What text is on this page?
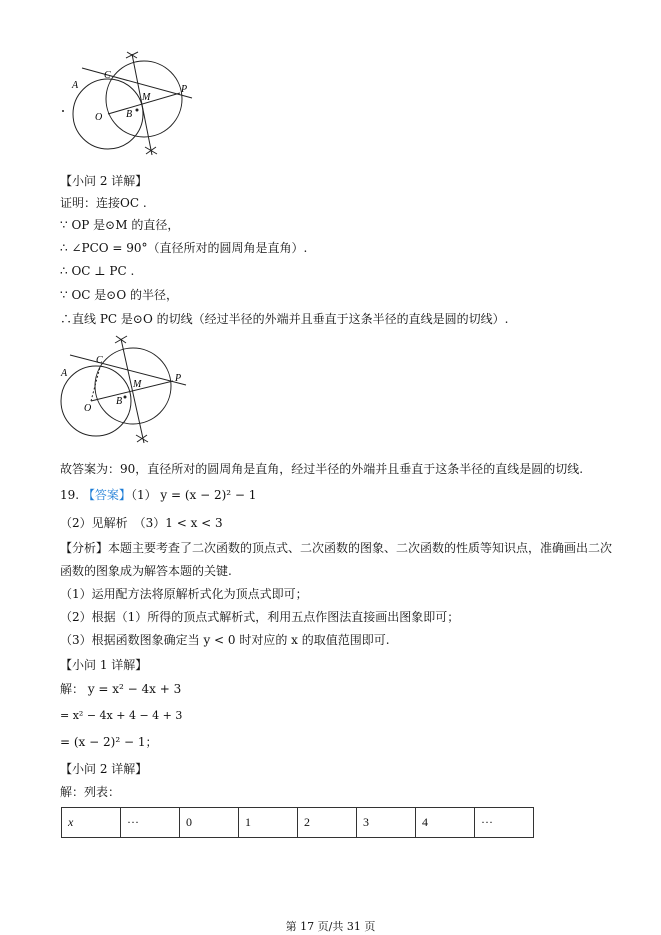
A
C
M
P
O B
【小问 2 详解】
证明：连接OC .
∵ OP 是⊙M 的直径，
∴ ∠PCO = 90°（直径所对的圆周角是直角）.
∴ OC ⊥ PC .
∵ OC 是⊙O 的半径，
∴直线 PC 是⊙O 的切线（经过半径的外端并且垂直于这条半径的直线是圆的切线）.
A
C
M
P
O
B
故答案为：90，直径所对的圆周角是直角，经过半径的外端并且垂直于这条半径的直线是圆的切线.
19. 【答案】（1） y = (x − 2)² − 1
（2）见解析　（3）1 < x < 3
【分析】本题主要考查了二次函数的顶点式、二次函数的图象、二次函数的性质等知识点，准确画出二次
函数的图象成为解答本题的关键.
（1）运用配方法将原解析式化为顶点式即可；
（2）根据（1）所得的顶点式解析式，利用五点作图法直接画出图象即可；
（3）根据函数图象确定当 y < 0 时对应的 x 的取值范围即可.
【小问 1 详解】
解： y = x² − 4x + 3
= x² − 4x + 4 − 4 + 3
= (x − 2)² − 1；
【小问 2 详解】
解：列表：
x	···	0	1	2	3	4	···
第 17 页/共 31 页
